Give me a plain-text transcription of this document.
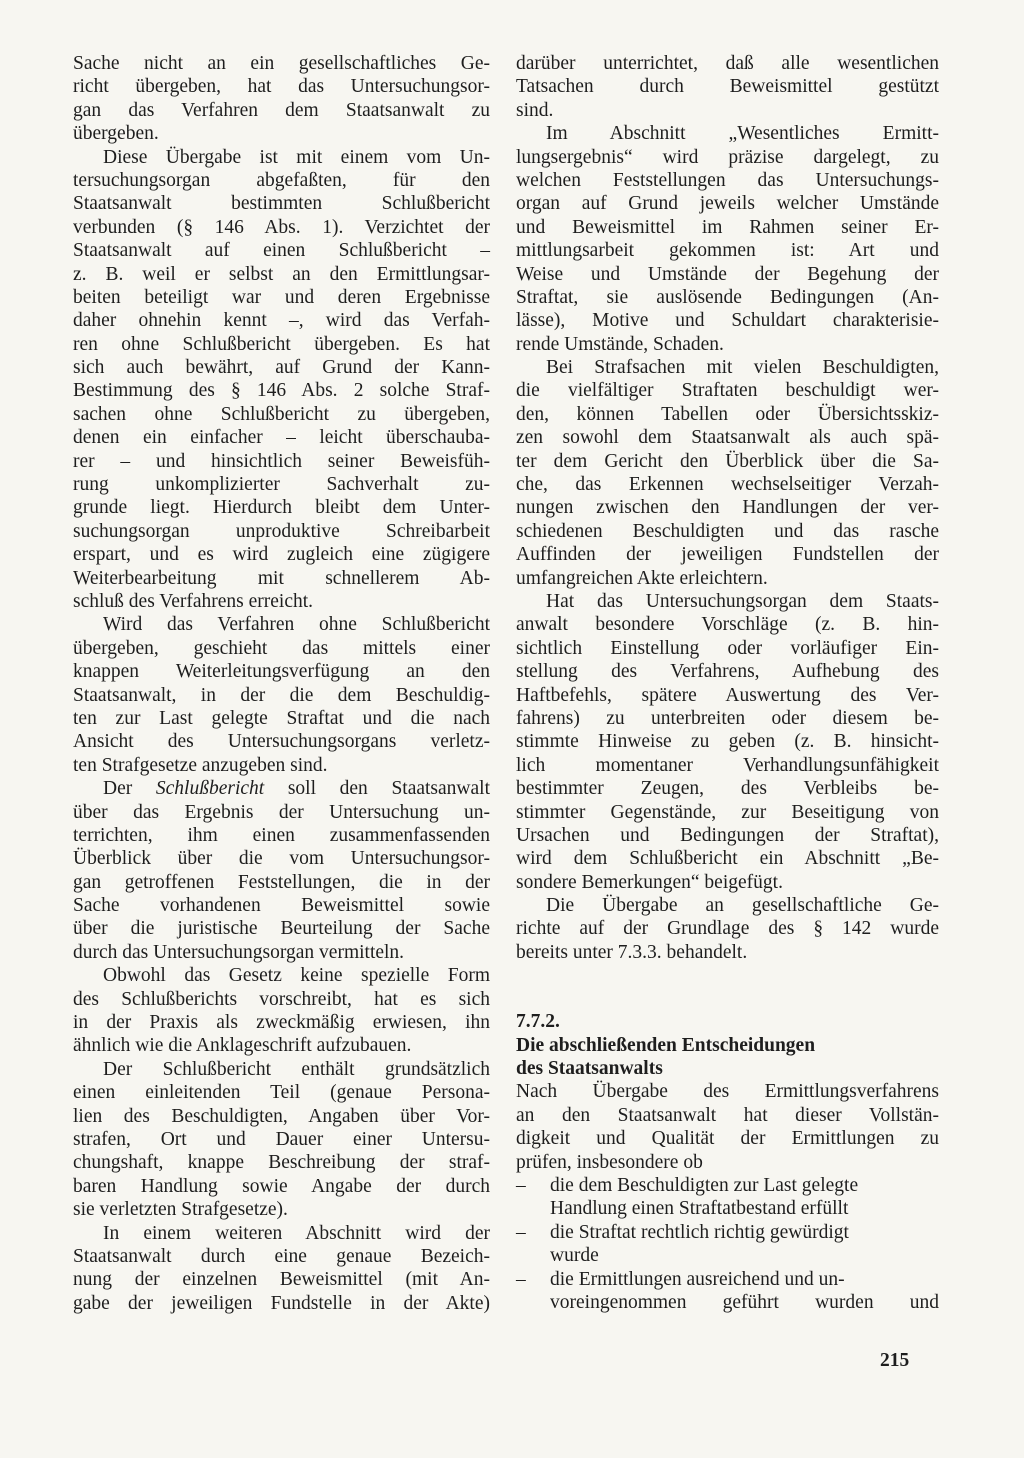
Sache nicht an ein gesellschaftliches Ge-
richt übergeben, hat das Untersuchungsor-
gan das Verfahren dem Staatsanwalt zu
übergeben.
Diese Übergabe ist mit einem vom Un-
tersuchungsorgan abgefaßten, für den
Staatsanwalt bestimmten Schlußbericht
verbunden (§ 146 Abs. 1). Verzichtet der
Staatsanwalt auf einen Schlußbericht –
z. B. weil er selbst an den Ermittlungsar-
beiten beteiligt war und deren Ergebnisse
daher ohnehin kennt –, wird das Verfah-
ren ohne Schlußbericht übergeben. Es hat
sich auch bewährt, auf Grund der Kann-
Bestimmung des § 146 Abs. 2 solche Straf-
sachen ohne Schlußbericht zu übergeben,
denen ein einfacher – leicht überschauba-
rer – und hinsichtlich seiner Beweisfüh-
rung unkomplizierter Sachverhalt zu-
grunde liegt. Hierdurch bleibt dem Unter-
suchungsorgan unproduktive Schreibarbeit
erspart, und es wird zugleich eine zügigere
Weiterbearbeitung mit schnellerem Ab-
schluß des Verfahrens erreicht.
Wird das Verfahren ohne Schlußbericht
übergeben, geschieht das mittels einer
knappen Weiterleitungsverfügung an den
Staatsanwalt, in der die dem Beschuldig-
ten zur Last gelegte Straftat und die nach
Ansicht des Untersuchungsorgans verletz-
ten Strafgesetze anzugeben sind.
Der Schlußbericht soll den Staatsanwalt
über das Ergebnis der Untersuchung un-
terrichten, ihm einen zusammenfassenden
Überblick über die vom Untersuchungsor-
gan getroffenen Feststellungen, die in der
Sache vorhandenen Beweismittel sowie
über die juristische Beurteilung der Sache
durch das Untersuchungsorgan vermitteln.
Obwohl das Gesetz keine spezielle Form
des Schlußberichts vorschreibt, hat es sich
in der Praxis als zweckmäßig erwiesen, ihn
ähnlich wie die Anklageschrift aufzubauen.
Der Schlußbericht enthält grundsätzlich
einen einleitenden Teil (genaue Persona-
lien des Beschuldigten, Angaben über Vor-
strafen, Ort und Dauer einer Untersu-
chungshaft, knappe Beschreibung der straf-
baren Handlung sowie Angabe der durch
sie verletzten Strafgesetze).
In einem weiteren Abschnitt wird der
Staatsanwalt durch eine genaue Bezeich-
nung der einzelnen Beweismittel (mit An-
gabe der jeweiligen Fundstelle in der Akte)
darüber unterrichtet, daß alle wesentlichen
Tatsachen durch Beweismittel gestützt
sind.
Im Abschnitt „Wesentliches Ermitt-
lungsergebnis“ wird präzise dargelegt, zu
welchen Feststellungen das Untersuchungs-
organ auf Grund jeweils welcher Umstände
und Beweismittel im Rahmen seiner Er-
mittlungsarbeit gekommen ist: Art und
Weise und Umstände der Begehung der
Straftat, sie auslösende Bedingungen (An-
lässe), Motive und Schuldart charakterisie-
rende Umstände, Schaden.
Bei Strafsachen mit vielen Beschuldigten,
die vielfältiger Straftaten beschuldigt wer-
den, können Tabellen oder Übersichtsskiz-
zen sowohl dem Staatsanwalt als auch spä-
ter dem Gericht den Überblick über die Sa-
che, das Erkennen wechselseitiger Verzah-
nungen zwischen den Handlungen der ver-
schiedenen Beschuldigten und das rasche
Auffinden der jeweiligen Fundstellen der
umfangreichen Akte erleichtern.
Hat das Untersuchungsorgan dem Staats-
anwalt besondere Vorschläge (z. B. hin-
sichtlich Einstellung oder vorläufiger Ein-
stellung des Verfahrens, Aufhebung des
Haftbefehls, spätere Auswertung des Ver-
fahrens) zu unterbreiten oder diesem be-
stimmte Hinweise zu geben (z. B. hinsicht-
lich momentaner Verhandlungsunfähigkeit
bestimmter Zeugen, des Verbleibs be-
stimmter Gegenstände, zur Beseitigung von
Ursachen und Bedingungen der Straftat),
wird dem Schlußbericht ein Abschnitt „Be-
sondere Bemerkungen“ beigefügt.
Die Übergabe an gesellschaftliche Ge-
richte auf der Grundlage des § 142 wurde
bereits unter 7.3.3. behandelt.
7.7.2.
Die abschließenden Entscheidungen
des Staatsanwalts
Nach Übergabe des Ermittlungsverfahrens
an den Staatsanwalt hat dieser Vollstän-
digkeit und Qualität der Ermittlungen zu
prüfen, insbesondere ob
– die dem Beschuldigten zur Last gelegte
Handlung einen Straftatbestand erfüllt
– die Straftat rechtlich richtig gewürdigt
wurde
– die Ermittlungen ausreichend und un-
voreingenommen geführt wurden und
215
